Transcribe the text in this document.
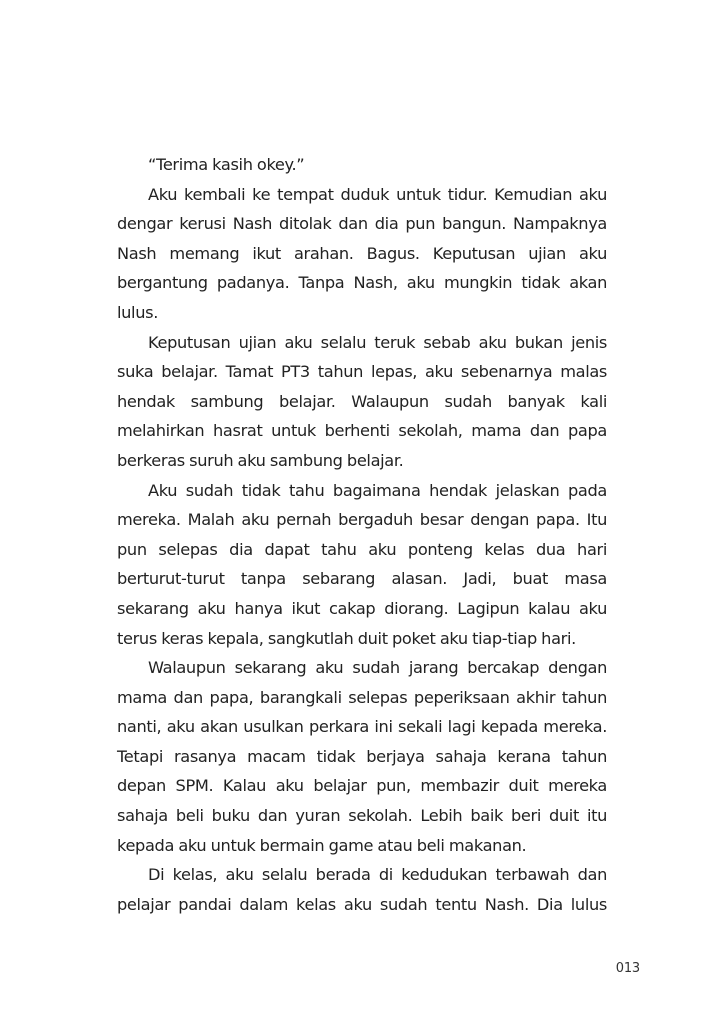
“Terima kasih okey.”

Aku kembali ke tempat duduk untuk tidur. Kemudian aku dengar kerusi Nash ditolak dan dia pun bangun. Nampaknya Nash memang ikut arahan. Bagus. Keputusan ujian aku bergantung padanya. Tanpa Nash, aku mungkin tidak akan lulus.

Keputusan ujian aku selalu teruk sebab aku bukan jenis suka belajar. Tamat PT3 tahun lepas, aku sebenarnya malas hendak sambung belajar. Walaupun sudah banyak kali melahirkan hasrat untuk berhenti sekolah, mama dan papa berkeras suruh aku sambung belajar.

Aku sudah tidak tahu bagaimana hendak jelaskan pada mereka. Malah aku pernah bergaduh besar dengan papa. Itu pun selepas dia dapat tahu aku ponteng kelas dua hari berturut-turut tanpa sebarang alasan. Jadi, buat masa sekarang aku hanya ikut cakap diorang. Lagipun kalau aku terus keras kepala, sangkutlah duit poket aku tiap-tiap hari.

Walaupun sekarang aku sudah jarang bercakap dengan mama dan papa, barangkali selepas peperiksaan akhir tahun nanti, aku akan usulkan perkara ini sekali lagi kepada mereka. Tetapi rasanya macam tidak berjaya sahaja kerana tahun depan SPM. Kalau aku belajar pun, membazir duit mereka sahaja beli buku dan yuran sekolah. Lebih baik beri duit itu kepada aku untuk bermain game atau beli makanan.

Di kelas, aku selalu berada di kedudukan terbawah dan pelajar pandai dalam kelas aku sudah tentu Nash. Dia lulus

013
